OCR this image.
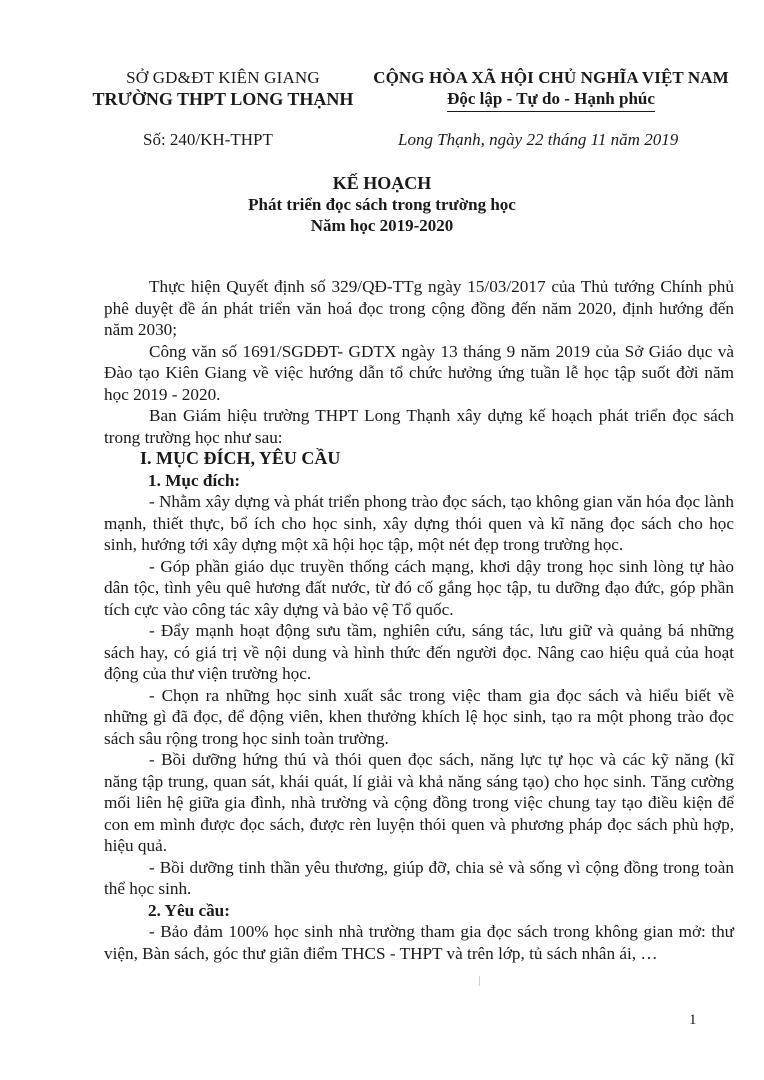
SỞ GD&ĐT KIÊN GIANG
TRƯỜNG THPT LONG THẠNH
CỘNG HÒA XÃ HỘI CHỦ NGHĨA VIỆT NAM
Độc lập - Tự do - Hạnh phúc
Số: 240/KH-THPT	Long Thạnh, ngày 22 tháng 11 năm 2019
KẾ HOẠCH
Phát triển đọc sách trong trường học
Năm học 2019-2020

Thực hiện Quyết định số 329/QĐ-TTg ngày 15/03/2017 của Thủ tướng Chính phủ phê duyệt đề án phát triển văn hoá đọc trong cộng đồng đến năm 2020, định hướng đến năm 2030;

Công văn số 1691/SGDĐT- GDTX ngày 13 tháng 9 năm 2019 của Sở Giáo dục và Đào tạo Kiên Giang về việc hướng dẫn tổ chức hưởng ứng tuần lễ học tập suốt đời năm học 2019 - 2020.

Ban Giám hiệu trường THPT Long Thạnh xây dựng kế hoạch phát triển đọc sách trong trường học như sau:

I. MỤC ĐÍCH, YÊU CẦU

1. Mục đích:

- Nhằm xây dựng và phát triển phong trào đọc sách, tạo không gian văn hóa đọc lành mạnh, thiết thực, bổ ích cho học sinh, xây dựng thói quen và kĩ năng đọc sách cho học sinh, hướng tới xây dựng một xã hội học tập, một nét đẹp trong trường học.

- Góp phần giáo dục truyền thống cách mạng, khơi dậy trong học sinh lòng tự hào dân tộc, tình yêu quê hương đất nước, từ đó cố gắng học tập, tu dưỡng đạo đức, góp phần tích cực vào công tác xây dựng và bảo vệ Tổ quốc.

- Đẩy mạnh hoạt động sưu tầm, nghiên cứu, sáng tác, lưu giữ và quảng bá những sách hay, có giá trị về nội dung và hình thức đến người đọc. Nâng cao hiệu quả của hoạt động của thư viện trường học.

- Chọn ra những học sinh xuất sắc trong việc tham gia đọc sách và hiểu biết về những gì đã đọc, để động viên, khen thưởng khích lệ học sinh, tạo ra một phong trào đọc sách sâu rộng trong học sinh toàn trường.

- Bồi dưỡng hứng thú và thói quen đọc sách, năng lực tự học và các kỹ năng (kĩ năng tập trung, quan sát, khái quát, lí giải và khả năng sáng tạo) cho học sinh. Tăng cường mối liên hệ giữa gia đình, nhà trường và cộng đồng trong việc chung tay tạo điều kiện để con em mình được đọc sách, được rèn luyện thói quen và phương pháp đọc sách phù hợp, hiệu quả.

- Bồi dưỡng tinh thần yêu thương, giúp đỡ, chia sẻ và sống vì cộng đồng trong toàn thể học sinh.

2. Yêu cầu:

- Bảo đảm 100% học sinh nhà trường tham gia đọc sách trong không gian mở: thư viện, Bàn sách, góc thư giãn điểm THCS - THPT và trên lớp, tủ sách nhân ái, …

1
